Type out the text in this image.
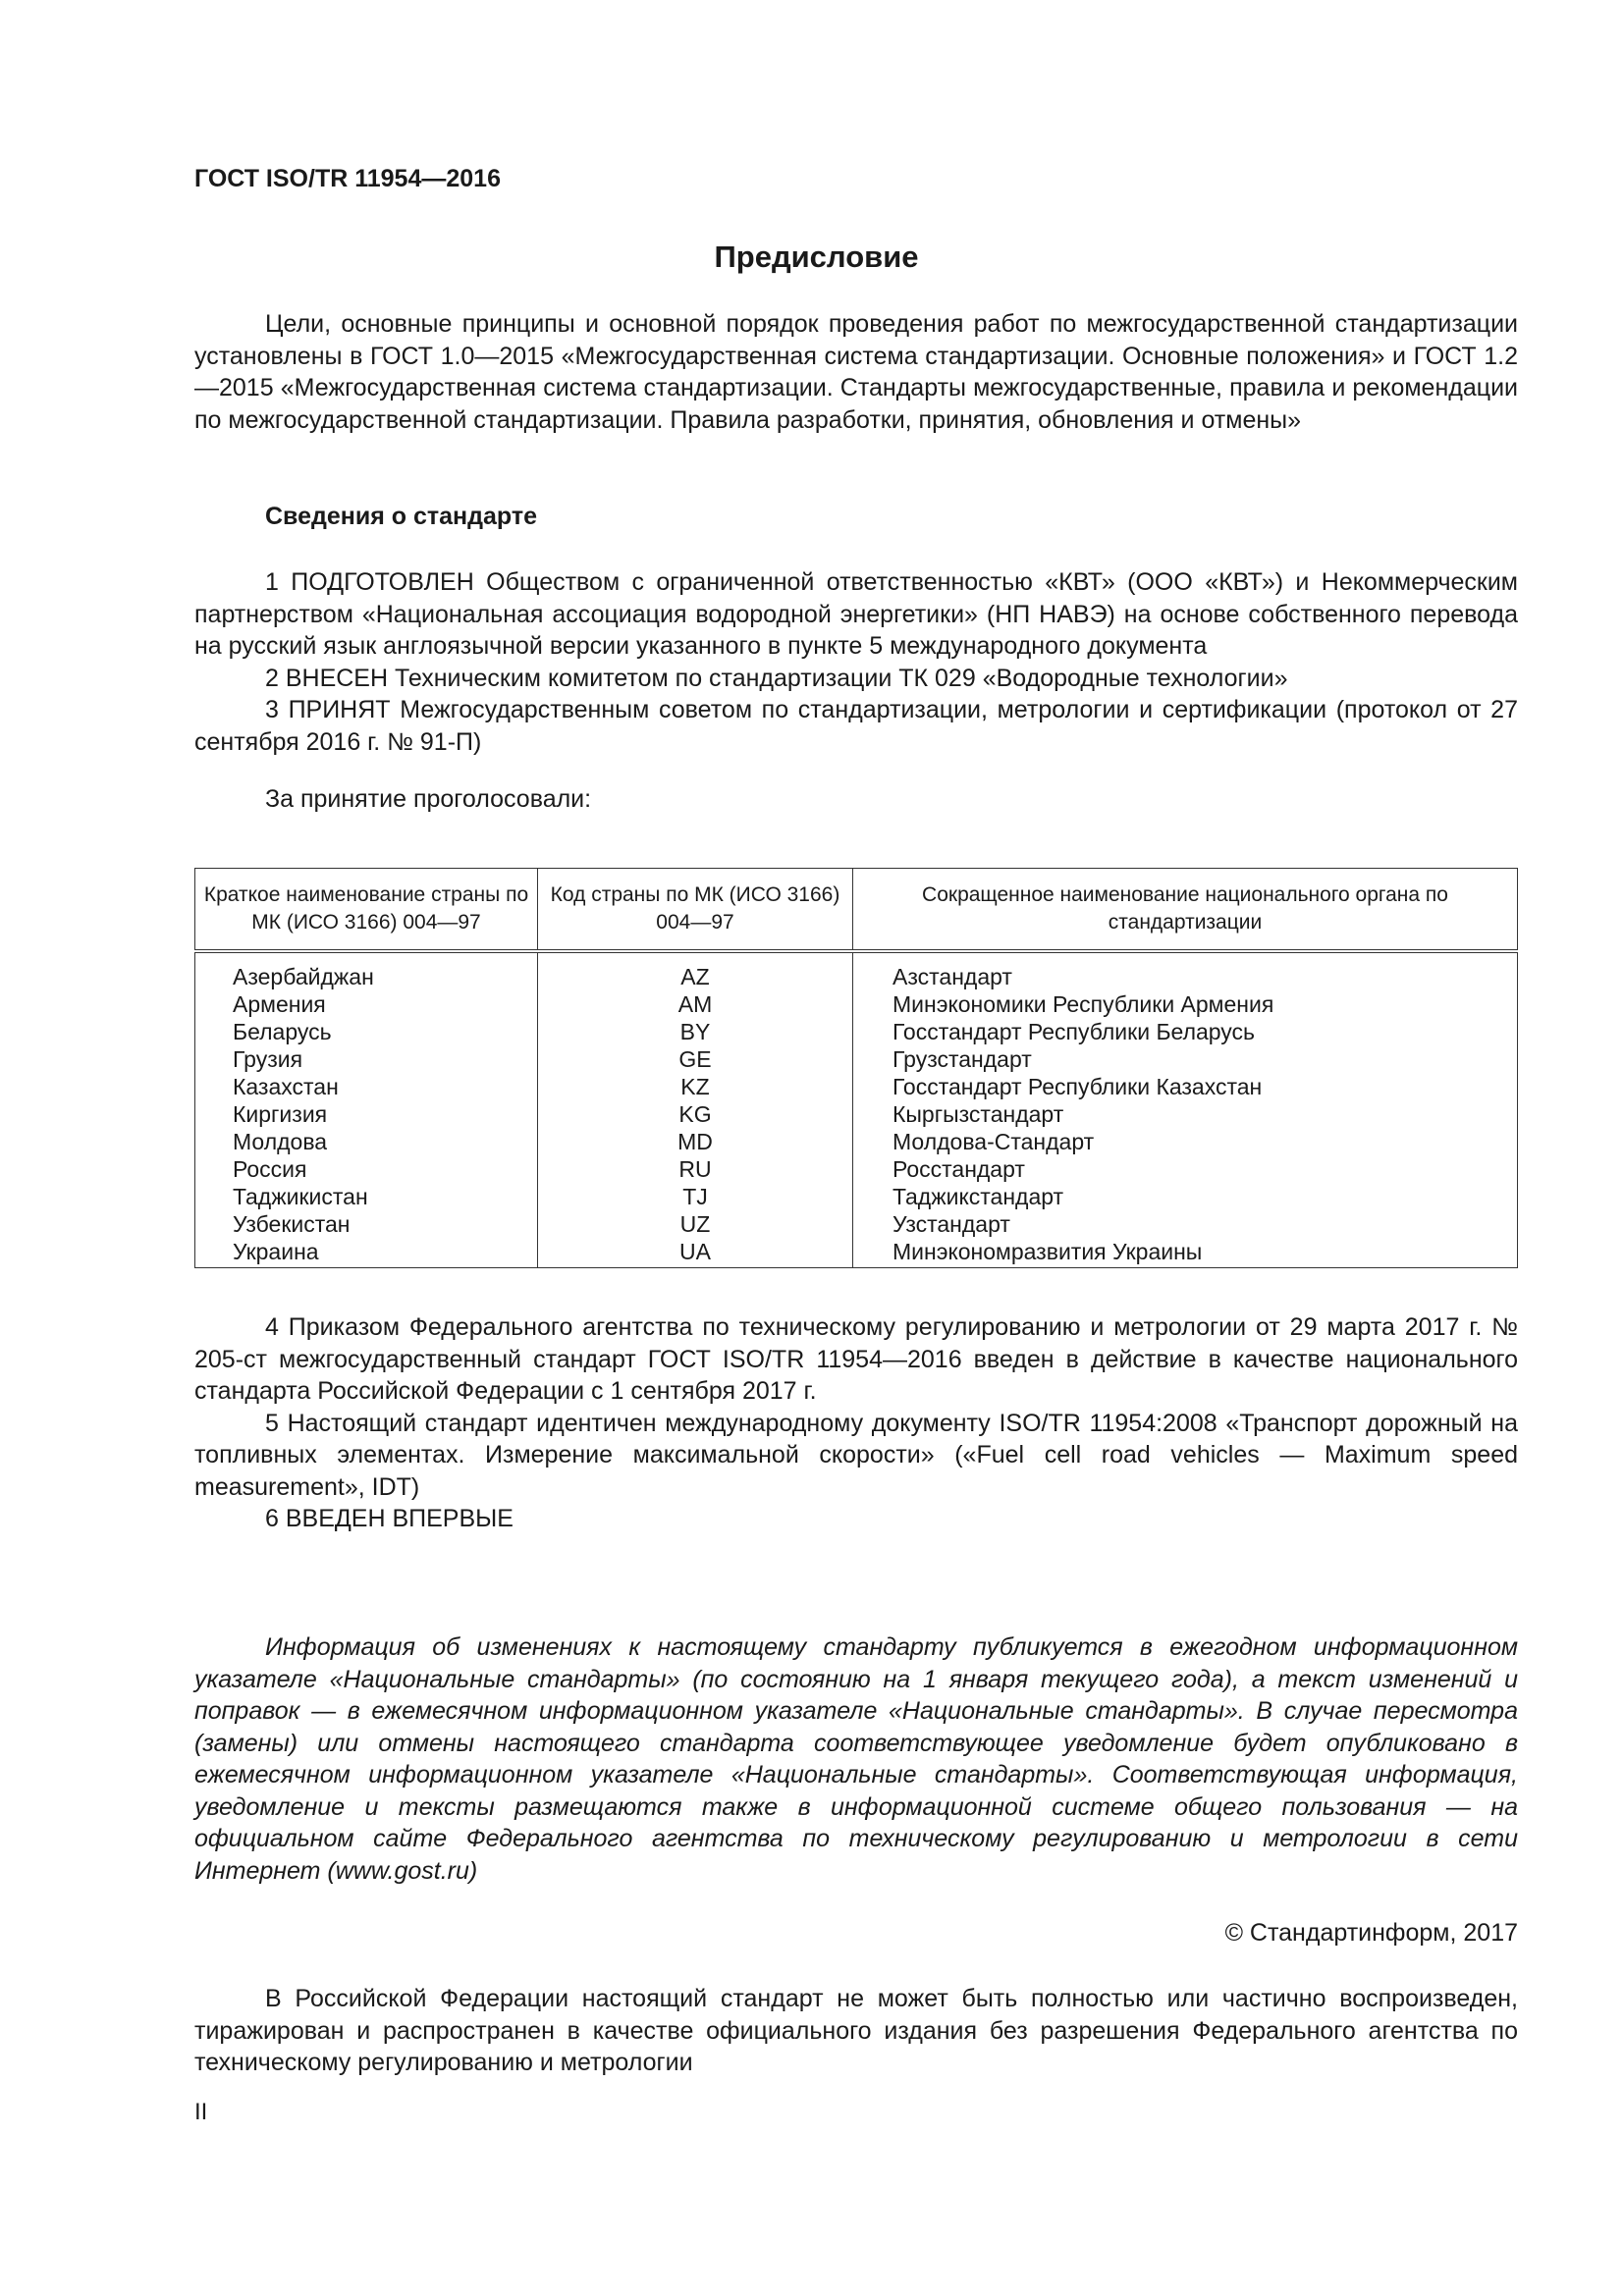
ГОСТ ISO/TR 11954—2016
Предисловие

Цели, основные принципы и основной порядок проведения работ по межгосударственной стандартизации установлены в ГОСТ 1.0—2015 «Межгосударственная система стандартизации. Основные положения» и ГОСТ 1.2—2015 «Межгосударственная система стандартизации. Стандарты межгосударственные, правила и рекомендации по межгосударственной стандартизации. Правила разработки, принятия, обновления и отмены»

Сведения о стандарте

1 ПОДГОТОВЛЕН Обществом с ограниченной ответственностью «КВТ» (ООО «КВТ») и Некоммерческим партнерством «Национальная ассоциация водородной энергетики» (НП НАВЭ) на основе собственного перевода на русский язык англоязычной версии указанного в пункте 5 международного документа

2 ВНЕСЕН Техническим комитетом по стандартизации ТК 029 «Водородные технологии»

3 ПРИНЯТ Межгосударственным советом по стандартизации, метрологии и сертификации (протокол от 27 сентября 2016 г. № 91-П)

За принятие проголосовали:

Краткое наименование страны по МК (ИСО 3166) 004—97	Код страны по МК (ИСО 3166) 004—97	Сокращенное наименование национального органа по стандартизации
Азербайджан	AZ	Азстандарт
Армения	AM	Минэкономики Республики Армения
Беларусь	BY	Госстандарт Республики Беларусь
Грузия	GE	Грузстандарт
Казахстан	KZ	Госстандарт Республики Казахстан
Киргизия	KG	Кыргызстандарт
Молдова	MD	Молдова-Стандарт
Россия	RU	Росстандарт
Таджикистан	TJ	Таджикстандарт
Узбекистан	UZ	Узстандарт
Украина	UA	Минэкономразвития Украины

4 Приказом Федерального агентства по техническому регулированию и метрологии от 29 марта 2017 г. № 205-ст межгосударственный стандарт ГОСТ ISO/TR 11954—2016 введен в действие в качестве национального стандарта Российской Федерации с 1 сентября 2017 г.

5 Настоящий стандарт идентичен международному документу ISO/TR 11954:2008 «Транспорт дорожный на топливных элементах. Измерение максимальной скорости» («Fuel cell road vehicles — Maximum speed measurement», IDT)

6 ВВЕДЕН ВПЕРВЫЕ

Информация об изменениях к настоящему стандарту публикуется в ежегодном информационном указателе «Национальные стандарты» (по состоянию на 1 января текущего года), а текст изменений и поправок — в ежемесячном информационном указателе «Национальные стандарты». В случае пересмотра (замены) или отмены настоящего стандарта соответствующее уведомление будет опубликовано в ежемесячном информационном указателе «Национальные стандарты». Соответствующая информация, уведомление и тексты размещаются также в информационной системе общего пользования — на официальном сайте Федерального агентства по техническому регулированию и метрологии в сети Интернет (www.gost.ru)

© Стандартинформ, 2017

В Российской Федерации настоящий стандарт не может быть полностью или частично воспроизведен, тиражирован и распространен в качестве официального издания без разрешения Федерального агентства по техническому регулированию и метрологии

II
